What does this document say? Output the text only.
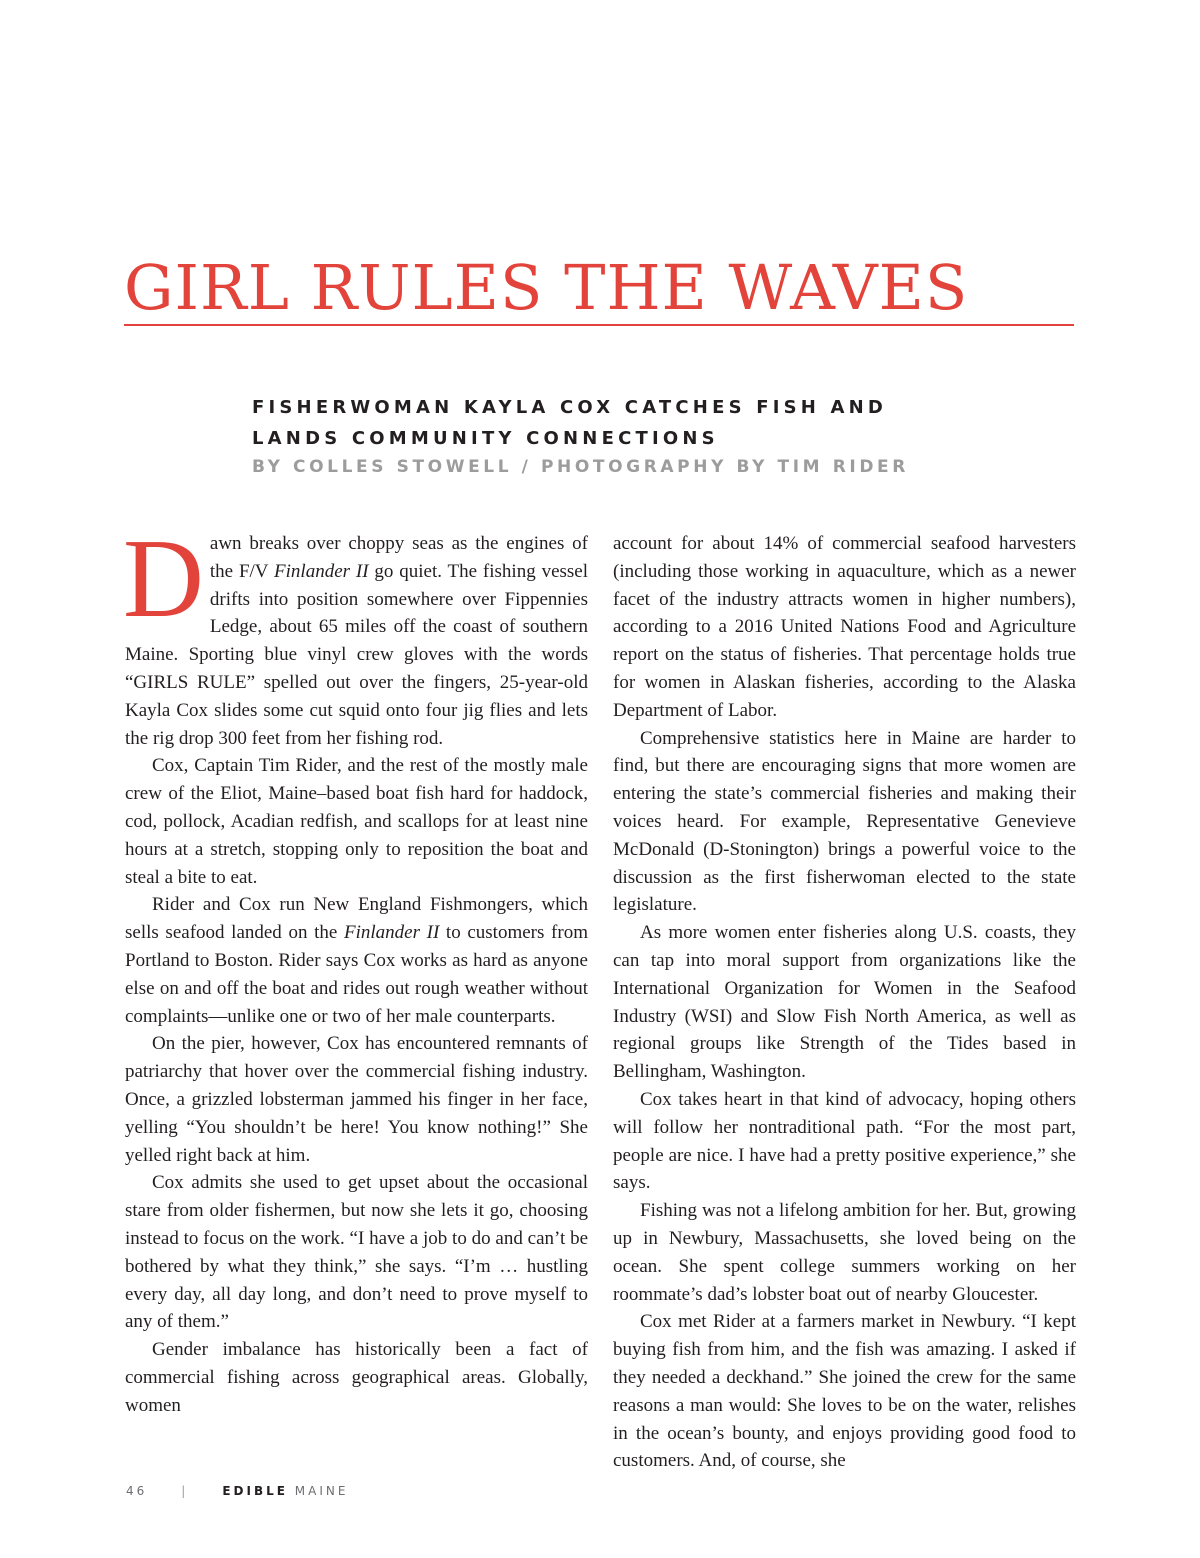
GIRL RULES THE WAVES
FISHERWOMAN KAYLA COX CATCHES FISH AND
LANDS COMMUNITY CONNECTIONS
BY COLLES STOWELL / PHOTOGRAPHY BY TIM RIDER

Dawn breaks over choppy seas as the engines of the F/V Finlander II go quiet. The fishing vessel drifts into position somewhere over Fippennies Ledge, about 65 miles off the coast of southern Maine. Sporting blue vinyl crew gloves with the words “GIRLS RULE” spelled out over the fingers, 25-year-old Kayla Cox slides some cut squid onto four jig flies and lets the rig drop 300 feet from her fishing rod.

Cox, Captain Tim Rider, and the rest of the mostly male crew of the Eliot, Maine–based boat fish hard for haddock, cod, pollock, Acadian redfish, and scallops for at least nine hours at a stretch, stopping only to reposition the boat and steal a bite to eat.

Rider and Cox run New England Fishmongers, which sells seafood landed on the Finlander II to customers from Portland to Boston. Rider says Cox works as hard as anyone else on and off the boat and rides out rough weather without complaints—unlike one or two of her male counterparts.

On the pier, however, Cox has encountered remnants of patriarchy that hover over the commercial fishing industry. Once, a grizzled lobsterman jammed his finger in her face, yelling “You shouldn’t be here! You know nothing!” She yelled right back at him.

Cox admits she used to get upset about the occasional stare from older fishermen, but now she lets it go, choosing instead to focus on the work. “I have a job to do and can’t be bothered by what they think,” she says. “I’m … hustling every day, all day long, and don’t need to prove myself to any of them.”

Gender imbalance has historically been a fact of commercial fishing across geographical areas. Globally, women

account for about 14% of commercial seafood harvesters (including those working in aquaculture, which as a newer facet of the industry attracts women in higher numbers), according to a 2016 United Nations Food and Agriculture report on the status of fisheries. That percentage holds true for women in Alaskan fisheries, according to the Alaska Department of Labor.

Comprehensive statistics here in Maine are harder to find, but there are encouraging signs that more women are entering the state’s commercial fisheries and making their voices heard. For example, Representative Genevieve McDonald (D-Stonington) brings a powerful voice to the discussion as the first fisherwoman elected to the state legislature.

As more women enter fisheries along U.S. coasts, they can tap into moral support from organizations like the International Organization for Women in the Seafood Industry (WSI) and Slow Fish North America, as well as regional groups like Strength of the Tides based in Bellingham, Washington.

Cox takes heart in that kind of advocacy, hoping others will follow her nontraditional path. “For the most part, people are nice. I have had a pretty positive experience,” she says.

Fishing was not a lifelong ambition for her. But, growing up in Newbury, Massachusetts, she loved being on the ocean. She spent college summers working on her roommate’s dad’s lobster boat out of nearby Gloucester.

Cox met Rider at a farmers market in Newbury. “I kept buying fish from him, and the fish was amazing. I asked if they needed a deckhand.” She joined the crew for the same reasons a man would: She loves to be on the water, relishes in the ocean’s bounty, and enjoys providing good food to customers. And, of course, she

46	|	EDIBLE MAINE
